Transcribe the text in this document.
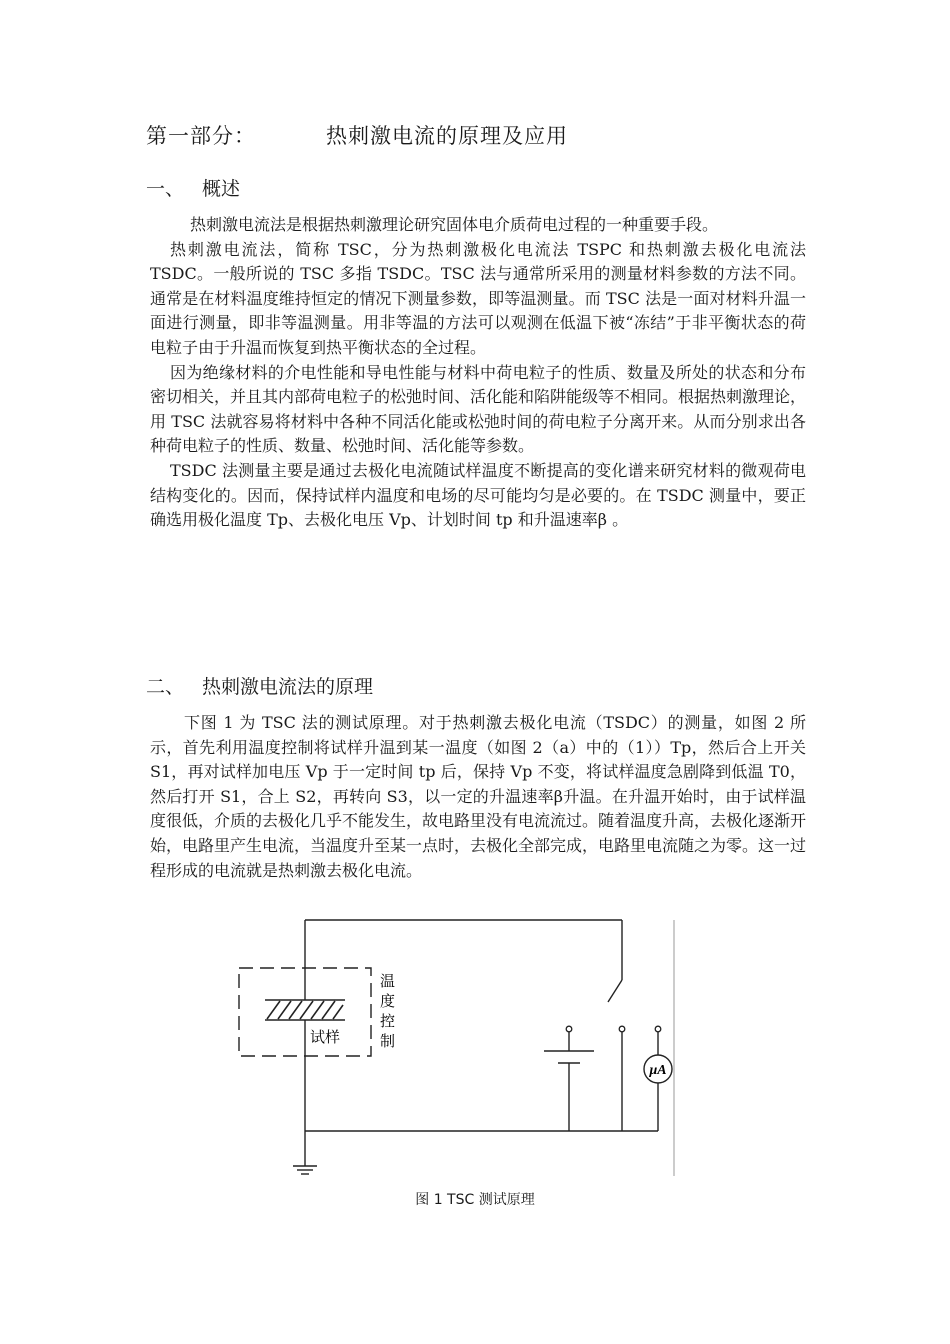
第一部分：	热刺激电流的原理及应用
一、 概述

热刺激电流法是根据热刺激理论研究固体电介质荷电过程的一种重要手段。

热刺激电流法，简称 TSC，分为热刺激极化电流法 TSPC 和热刺激去极化电流法 TSDC。一般所说的 TSC 多指 TSDC。TSC 法与通常所采用的测量材料参数的方法不同。通常是在材料温度维持恒定的情况下测量参数，即等温测量。而 TSC 法是一面对材料升温一面进行测量，即非等温测量。用非等温的方法可以观测在低温下被“冻结”于非平衡状态的荷电粒子由于升温而恢复到热平衡状态的全过程。

因为绝缘材料的介电性能和导电性能与材料中荷电粒子的性质、数量及所处的状态和分布密切相关，并且其内部荷电粒子的松弛时间、活化能和陷阱能级等不相同。根据热刺激理论，用 TSC 法就容易将材料中各种不同活化能或松弛时间的荷电粒子分离开来。从而分别求出各种荷电粒子的性质、数量、松弛时间、活化能等参数。

TSDC 法测量主要是通过去极化电流随试样温度不断提高的变化谱来研究材料的微观荷电结构变化的。因而，保持试样内温度和电场的尽可能均匀是必要的。在 TSDC 测量中，要正确选用极化温度 Tp、去极化电压 Vp、计划时间 tp 和升温速率β 。

二、 热刺激电流法的原理

下图 1 为 TSC 法的测试原理。对于热刺激去极化电流（TSDC）的测量，如图 2 所示，首先利用温度控制将试样升温到某一温度（如图 2（a）中的（1））Tp，然后合上开关 S1，再对试样加电压 Vp 于一定时间 tp 后，保持 Vp 不变，将试样温度急剧降到低温 T0，然后打开 S1，合上 S2，再转向 S3，以一定的升温速率β升温。在升温开始时，由于试样温度很低，介质的去极化几乎不能发生，故电路里没有电流流过。随着温度升高，去极化逐渐开始，电路里产生电流，当温度升至某一点时，去极化全部完成，电路里电流随之为零。这一过程形成的电流就是热刺激去极化电流。

μA
试样
温
度
控
制
图 1 TSC 测试原理
